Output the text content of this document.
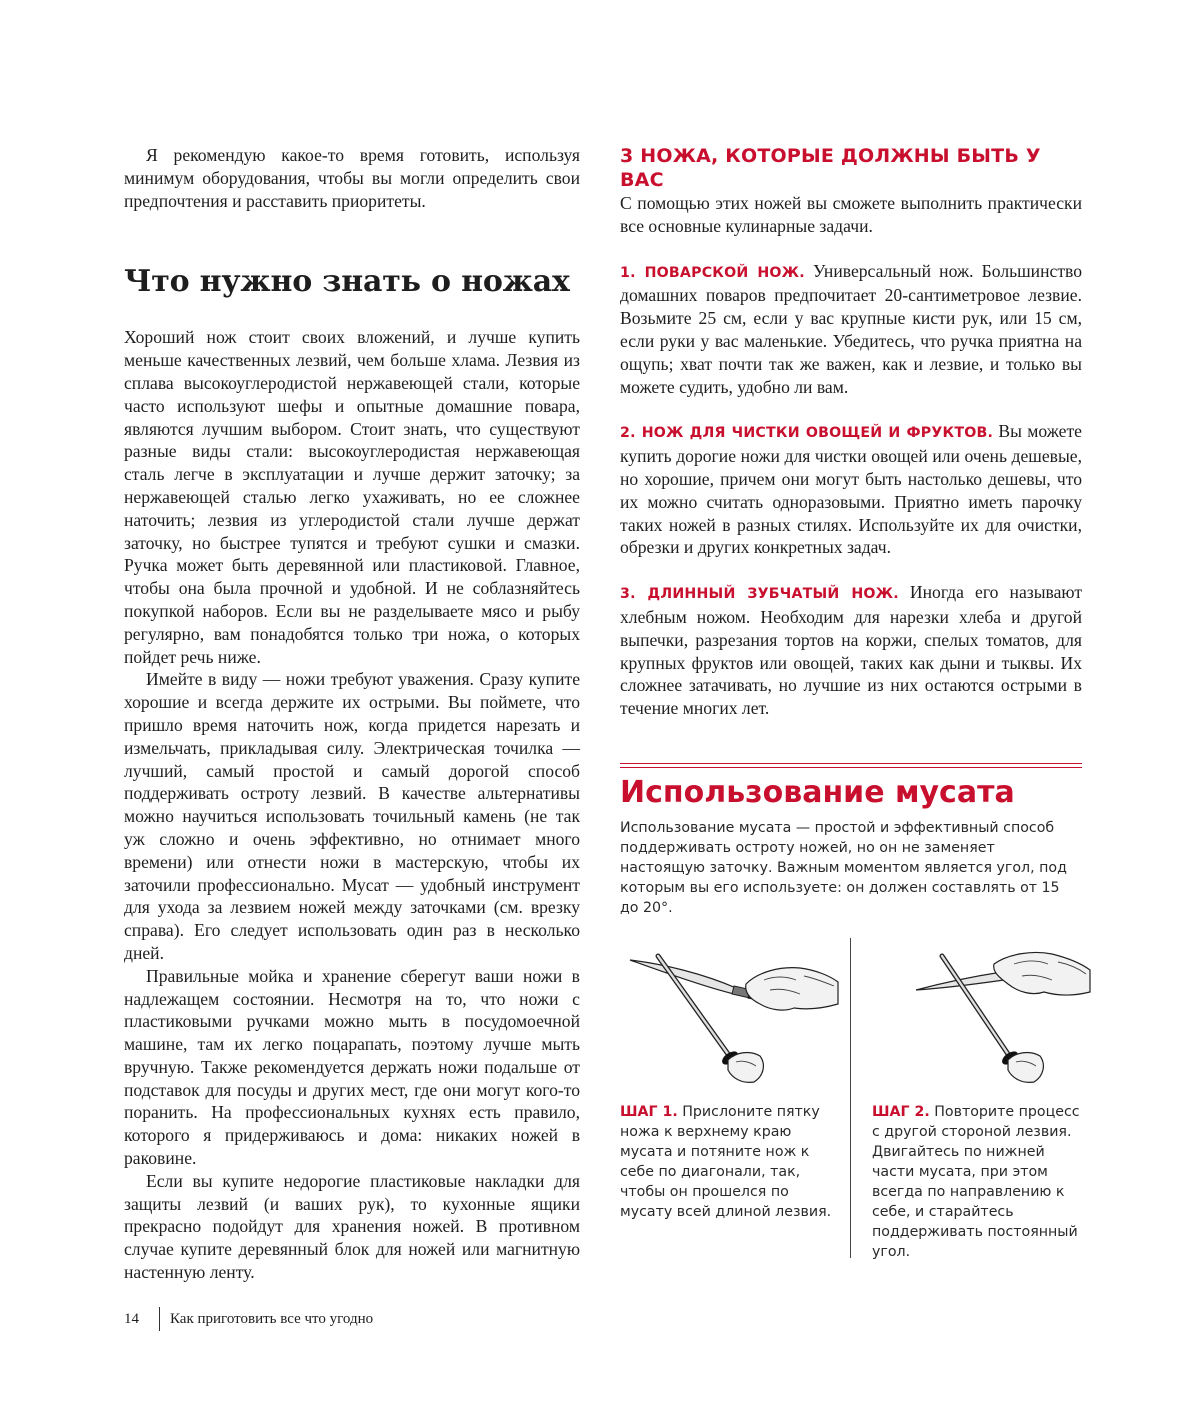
Я рекомендую какое-то время готовить, используя минимум оборудования, чтобы вы могли определить свои предпочтения и расставить приоритеты.

Что нужно знать о ножах

Хороший нож стоит своих вложений, и лучше купить меньше качественных лезвий, чем больше хлама. Лезвия из сплава высокоуглеродистой нержавеющей стали, которые часто используют шефы и опытные домашние повара, являются лучшим выбором. Стоит знать, что существуют разные виды стали: высокоуглеродистая нержавеющая сталь легче в эксплуатации и лучше держит заточку; за нержавеющей сталью легко ухаживать, но ее сложнее наточить; лезвия из углеродистой стали лучше держат заточку, но быстрее тупятся и требуют сушки и смазки. Ручка может быть деревянной или пластиковой. Главное, чтобы она была прочной и удобной. И не соблазняйтесь покупкой наборов. Если вы не разделываете мясо и рыбу регулярно, вам понадобятся только три ножа, о которых пойдет речь ниже.

Имейте в виду — ножи требуют уважения. Сразу купите хорошие и всегда держите их острыми. Вы поймете, что пришло время наточить нож, когда придется нарезать и измельчать, прикладывая силу. Электрическая точилка — лучший, самый простой и самый дорогой способ поддерживать остроту лезвий. В качестве альтернативы можно научиться использовать точильный камень (не так уж сложно и очень эффективно, но отнимает много времени) или отнести ножи в мастерскую, чтобы их заточили профессионально. Мусат — удобный инструмент для ухода за лезвием ножей между заточками (см. врезку справа). Его следует использовать один раз в несколько дней.

Правильные мойка и хранение сберегут ваши ножи в надлежащем состоянии. Несмотря на то, что ножи с пластиковыми ручками можно мыть в посудомоечной машине, там их легко поцарапать, поэтому лучше мыть вручную. Также рекомендуется держать ножи подальше от подставок для посуды и других мест, где они могут кого-то поранить. На профессиональных кухнях есть правило, которого я придерживаюсь и дома: никаких ножей в раковине.

Если вы купите недорогие пластиковые накладки для защиты лезвий (и ваших рук), то кухонные ящики прекрасно подойдут для хранения ножей. В противном случае купите деревянный блок для ножей или магнитную настенную ленту.

3 НОЖА, КОТОРЫЕ ДОЛЖНЫ БЫТЬ У ВАС

С помощью этих ножей вы сможете выполнить практически все основные кулинарные задачи.

1. ПОВАРСКОЙ НОЖ. Универсальный нож. Большинство домашних поваров предпочитает 20-сантиметровое лезвие. Возьмите 25 см, если у вас крупные кисти рук, или 15 см, если руки у вас маленькие. Убедитесь, что ручка приятна на ощупь; хват почти так же важен, как и лезвие, и только вы можете судить, удобно ли вам.

2. НОЖ ДЛЯ ЧИСТКИ ОВОЩЕЙ И ФРУКТОВ. Вы можете купить дорогие ножи для чистки овощей или очень дешевые, но хорошие, причем они могут быть настолько дешевы, что их можно считать одноразовыми. Приятно иметь парочку таких ножей в разных стилях. Используйте их для очистки, обрезки и других конкретных задач.

3. ДЛИННЫЙ ЗУБЧАТЫЙ НОЖ. Иногда его называют хлебным ножом. Необходим для нарезки хлеба и другой выпечки, разрезания тортов на коржи, спелых томатов, для крупных фруктов или овощей, таких как дыни и тыквы. Их сложнее затачивать, но лучшие из них остаются острыми в течение многих лет.

Использование мусата

Использование мусата — простой и эффективный способ поддерживать остроту ножей, но он не заменяет настоящую заточку. Важным моментом является угол, под которым вы его используете: он должен составлять от 15 до 20°.

ШАГ 1. Прислоните пятку ножа к верхнему краю мусата и потяните нож к себе по диагонали, так, чтобы он прошелся по мусату всей длиной лезвия.

ШАГ 2. Повторите процесс с другой стороной лезвия. Двигайтесь по нижней части мусата, при этом всегда по направлению к себе, и старайтесь поддерживать постоянный угол.

14 Как приготовить все что угодно
